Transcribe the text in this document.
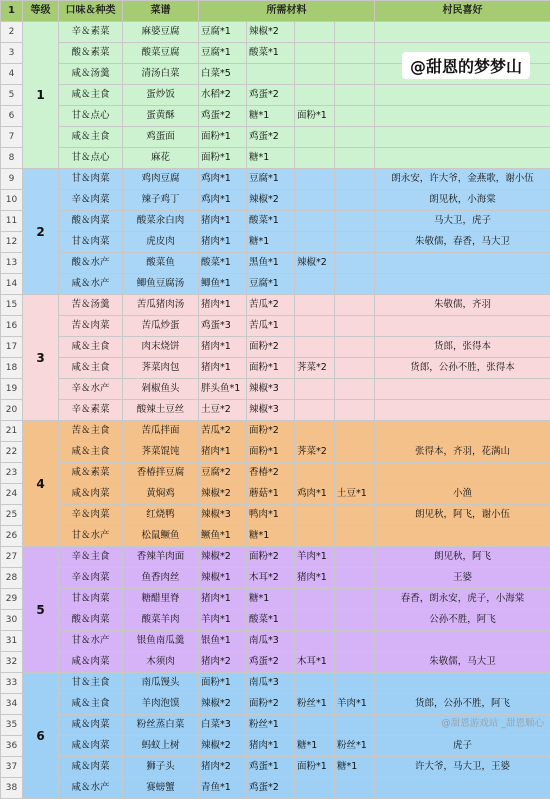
1	等级	口味＆种类	菜谱	所需材料				村民喜好
2	1	辛＆素菜	麻婆豆腐	豆腐*1	辣椒*2			
3		酸＆素菜	酸菜豆腐	豆腐*1	酸菜*1			
4		咸＆汤羹	清汤白菜	白菜*5				
5		咸＆主食	蛋炒饭	水稻*2	鸡蛋*2			
6		甘＆点心	蛋黄酥	鸡蛋*2	糖*1	面粉*1		
7		咸＆主食	鸡蛋面	面粉*1	鸡蛋*2			
8		甘＆点心	麻花	面粉*1	糖*1			
9	2	甘＆肉菜	鸡肉豆腐	鸡肉*1	豆腐*1			朗永安，许大爷，金燕歌，谢小伍
10		辛＆肉菜	辣子鸡丁	鸡肉*1	辣椒*2			朗见秋，小海棠
11		酸＆肉菜	酸菜氽白肉	猪肉*1	酸菜*1			马大卫，虎子
12		甘＆肉菜	虎皮肉	猪肉*1	糖*1			朱敬儒，春香，马大卫
13		酸＆水产	酸菜鱼	酸菜*1	黑鱼*1	辣椒*2		
14		咸＆水产	鲫鱼豆腐汤	鲫鱼*1	豆腐*1			
15	3	苦＆汤羹	苦瓜猪肉汤	猪肉*1	苦瓜*2			朱敬儒，齐羽
16		苦＆肉菜	苦瓜炒蛋	鸡蛋*3	苦瓜*1			
17		咸＆主食	肉末烧饼	猪肉*1	面粉*2			货郎，张得本
18		咸＆主食	荠菜肉包	猪肉*1	面粉*1	荠菜*2		货郎，公孙不胜，张得本
19		辛＆水产	剁椒鱼头	胖头鱼*1	辣椒*3			
20		辛＆素菜	酸辣土豆丝	土豆*2	辣椒*3			
21	4	苦＆主食	苦瓜拌面	苦瓜*2	面粉*2			
22		咸＆主食	荠菜馄饨	猪肉*1	面粉*1	荠菜*2		张得本，齐羽，花满山
23		咸＆素菜	香椿拌豆腐	豆腐*2	香椿*2			
24		咸＆肉菜	黄焖鸡	辣椒*2	蘑菇*1	鸡肉*1	土豆*1	小渔
25		辛＆肉菜	红烧鸭	辣椒*3	鸭肉*1			朗见秋，阿飞，谢小伍
26		甘＆水产	松鼠鳜鱼	鳜鱼*1	糖*1			
27	5	辛＆主食	香辣羊肉面	辣椒*2	面粉*2	羊肉*1		朗见秋，阿飞
28		辛＆肉菜	鱼香肉丝	辣椒*1	木耳*2	猪肉*1		王婆
29		甘＆肉菜	糖醋里脊	猪肉*1	糖*1			春香，朗永安，虎子，小海棠
30		酸＆肉菜	酸菜羊肉	羊肉*1	酸菜*1			公孙不胜，阿飞
31		甘＆水产	银鱼南瓜羹	银鱼*1	南瓜*3			
32		咸＆肉菜	木须肉	猪肉*2	鸡蛋*2	木耳*1		朱敬儒，马大卫
33	6	甘＆主食	南瓜馒头	面粉*1	南瓜*3			
34		咸＆主食	羊肉泡馍	辣椒*2	面粉*2	粉丝*1	羊肉*1	货郎，公孙不胜，阿飞
35		咸＆肉菜	粉丝蒸白菜	白菜*3	粉丝*1			
36		咸＆肉菜	蚂蚁上树	辣椒*2	猪肉*1	糖*1	粉丝*1	虎子
37		咸＆肉菜	狮子头	猪肉*2	鸡蛋*1	面粉*1	糖*1	许大爷，马大卫，王婆
38		咸＆水产	赛螃蟹	青鱼*1	鸡蛋*2			
@甜恩的梦梦山
@甜恩游戏站 _甜恩顺心
